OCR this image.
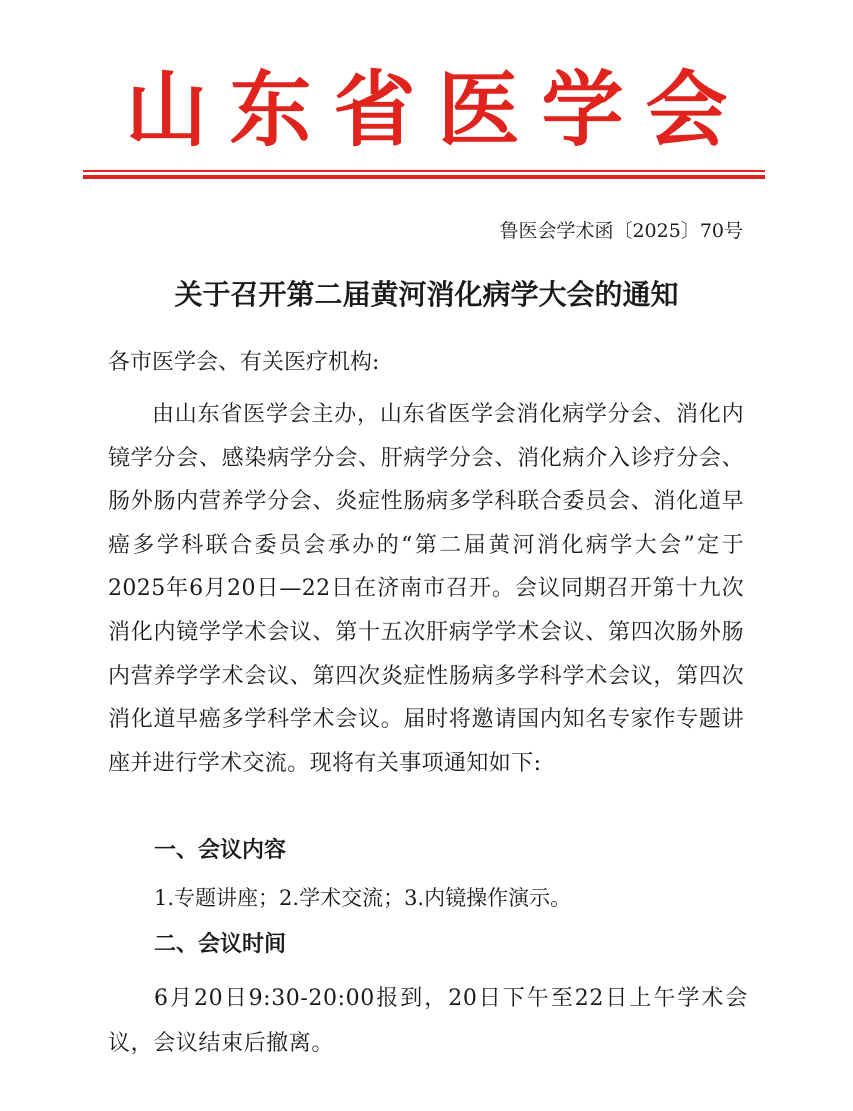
山东省医学会
鲁医会学术函〔2025〕70号
关于召开第二届黄河消化病学大会的通知
各市医学会、有关医疗机构:
由山东省医学会主办，山东省医学会消化病学分会、消化内镜学分会、感染病学分会、肝病学分会、消化病介入诊疗分会、肠外肠内营养学分会、炎症性肠病多学科联合委员会、消化道早癌多学科联合委员会承办的“第二届黄河消化病学大会”定于2025年6月20日—22日在济南市召开。会议同期召开第十九次消化内镜学学术会议、第十五次肝病学学术会议、第四次肠外肠内营养学学术会议、第四次炎症性肠病多学科学术会议，第四次消化道早癌多学科学术会议。届时将邀请国内知名专家作专题讲座并进行学术交流。现将有关事项通知如下:
一、会议内容
1.专题讲座；2.学术交流；3.内镜操作演示。
二、会议时间
6月20日9:30-20:00报到，20日下午至22日上午学术会议，会议结束后撤离。
